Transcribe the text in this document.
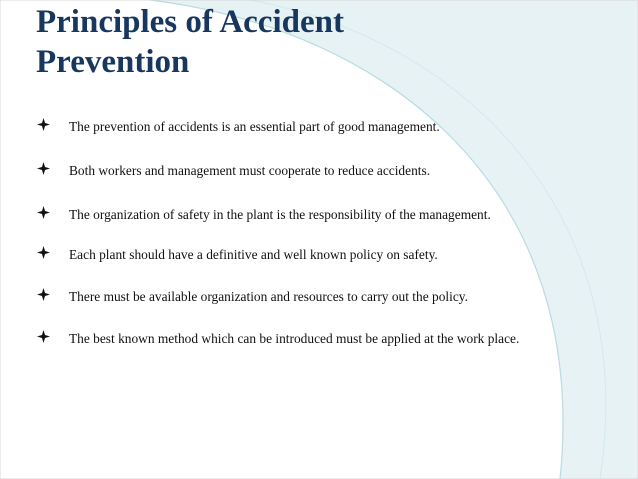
Principles of Accident
Prevention
The prevention of accidents is an essential part of good management.
Both workers and management must cooperate to reduce accidents.
The organization of safety in the plant is the responsibility of the management.
Each plant should have a definitive and well known policy on safety.
There must be available organization and resources to carry out the policy.
The best known method which can be introduced must be applied at the work place.
